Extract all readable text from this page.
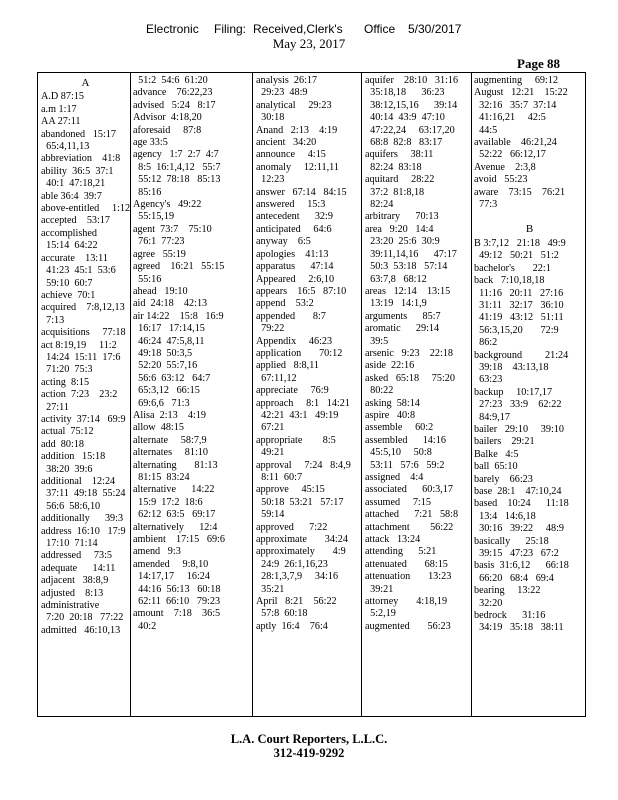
Electronic Filing: Received,Clerk's Office 5/30/2017
May 23, 2017
Page 88
A
A.D 87:15
a.m 1:17
AA 27:11
abandoned   15:17
65:4,11,13
abbreviation    41:8
ability  36:5  37:1
40:1  47:18,21
able 36:4  39:7
above-entitled     1:12
accepted    53:17
accomplished
15:14  64:22
accurate    13:11
41:23  45:1  53:6
59:10  60:7
achieve  70:1
acquired    7:8,12,13
7:13
acquisitions     77:18
act 8:19,19     11:2
14:24  15:11  17:6
71:20  75:3
acting  8:15
action  7:23    23:2
27:11
activity  37:14   69:9
actual  75:12
add  80:18
addition   15:18
38:20  39:6
additional    12:24
37:11  49:18  55:24
56:6  58:6,10
additionally      39:3
address  16:10   17:9
17:10  71:14
addressed     73:5
adequate      14:11
adjacent   38:8,9
adjusted    8:13
administrative
7:20  20:18   77:22
admitted   46:10,13
51:2  54:6  61:20
advance    76:22,23
advised   5:24   8:17
Advisor  4:18,20
aforesaid     87:8
age 33:5
agency   1:7  2:7  4:7
8:5  16:1,4,12   55:7
55:12  78:18   85:13
85:16
Agency's   49:22
55:15,19
agent  73:7    75:10
76:1  77:23
agree   55:19
agreed    16:21   55:15
55:16
ahead   19:10
aid  24:18    42:13
air 14:22    15:8   16:9
16:17   17:14,15
46:24  47:5,8,11
49:18  50:3,5
52:20  55:7,16
56:6  63:12   64:7
65:3,12   66:15
69:6,6   71:3
Alisa  2:13    4:19
allow  48:15
alternate     58:7,9
alternates     81:10
alternating       81:13
81:15  83:24
alternative      14:22
15:9  17:2  18:6
62:12  63:5   69:17
alternatively      12:4
ambient    17:15   69:6
amend   9:3
amended     9:8,10
14:17,17     16:24
44:16  56:13   60:18
62:11  66:10   79:23
amount    7:18    36:5
40:2
analysis  26:17
29:23  48:9
analytical     29:23
30:18
Anand   2:13    4:19
ancient   34:20
announce     4:15
anomaly     12:11,11
12:23
answer   67:14   84:15
answered     15:3
antecedent      32:9
anticipated     64:6
anyway    6:5
apologies    41:13
apparatus      47:14
Appeared     2:6,10
appears    16:5   87:10
append    53:2
appended       8:7
79:22
Appendix     46:23
application       70:12
applied   8:8,11
67:11,12
appreciate     76:9
approach     8:1   14:21
42:21  43:1   49:19
67:21
appropriate        8:5
49:21
approval     7:24   8:4,9
8:11  60:7
approve     45:15
50:18  53:21   57:17
59:14
approved      7:22
approximate       34:24
approximately       4:9
24:9  26:1,16,23
28:1,3,7,9     34:16
35:21
April   8:21    56:22
57:8  60:18
aptly  16:4    76:4
aquifer    28:10   31:16
35:18,18      36:23
38:12,15,16      39:14
40:14  43:9  47:10
47:22,24     63:17,20
68:8  82:8   83:17
aquifers     38:11
82:24  83:18
aquitard     28:22
37:2  81:8,18
82:24
arbitrary      70:13
area   9:20   14:4
23:20  25:6  30:9
39:11,14,16      47:17
50:3  53:18   57:14
63:7,8   68:12
areas   12:14    13:15
13:19   14:1,9
arguments      85:7
aromatic      29:14
39:5
arsenic   9:23    22:18
aside  22:16
asked   65:18     75:20
80:22
asking  58:14
aspire   40:8
assemble     60:2
assembled      14:16
45:5,10     50:8
53:11   57:6   59:2
assigned    4:4
associated      60:3,17
assumed     7:15
attached      7:21   58:8
attachment        56:22
attack   13:24
attending      5:21
attenuated       68:15
attenuation       13:23
39:21
attorney       4:18,19
5:2,19
augmented       56:23
augmenting     69:12
August   12:21    15:22
32:16   35:7  37:14
41:16,21     42:5
44:5
available    46:21,24
52:22   66:12,17
Avenue    2:3,8
avoid   55:23
aware    73:15    76:21
77:3
B
B 3:7,12   21:18   49:9
49:12   50:21   51:2
bachelor's       22:1
back   7:10,18,18
11:16   20:11   27:16
31:11   32:17   36:10
41:19   43:12   51:11
56:3,15,20       72:9
86:2
background         21:24
39:18    43:13,18
63:23
backup     10:17,17
27:23   33:9    62:22
84:9,17
bailer   29:10     39:10
bailers    29:21
Balke   4:5
ball  65:10
barely    66:23
base  28:1    47:10,24
based    10:24      11:18
13:4   14:6,18
30:16   39:22     48:9
basically      25:18
39:15   47:23   67:2
basis  31:6,12      66:18
66:20   68:4   69:4
bearing     13:22
32:20
bedrock      31:16
34:19   35:18   38:11
L.A. Court Reporters, L.L.C.
312-419-9292
